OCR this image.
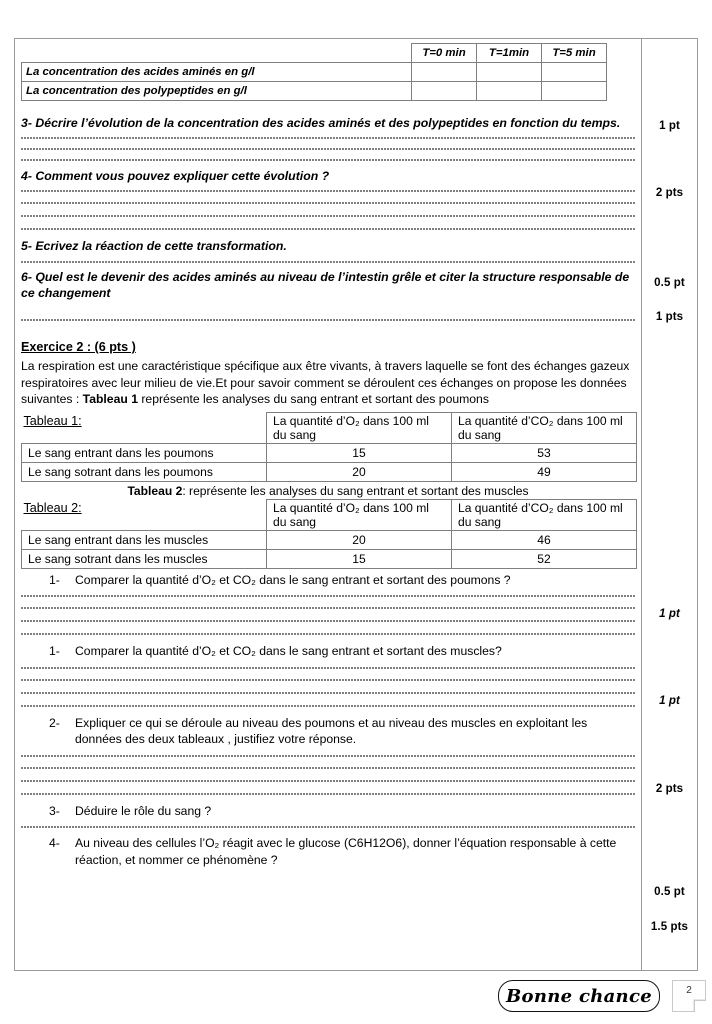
	T=0 min	T=1min	T=5 min
La concentration des acides aminés en g/l			
La concentration des polypeptides en g/l			
3- Décrire l’évolution de la concentration des acides aminés et des polypeptides en fonction du temps.
4- Comment vous pouvez expliquer cette évolution ?
5- Ecrivez la réaction de cette transformation.
6- Quel est le devenir des acides aminés au niveau de l’intestin grêle et citer la structure responsable de ce changement
Exercice 2 : (6 pts )
La respiration est une caractéristique spécifique aux être vivants, à travers laquelle se font des échanges gazeux respiratoires avec leur milieu de vie.Et pour savoir comment se déroulent ces échanges on propose les données suivantes : Tableau 1 représente les analyses du sang entrant et sortant des poumons
Tableau 1:	La quantité d’O₂ dans 100 ml du sang	La quantité d’CO₂ dans 100 ml du sang
Le sang entrant dans les poumons	15	53
Le sang sotrant dans les poumons	20	49
Tableau 2: représente les analyses du sang entrant et sortant des muscles
Tableau 2:	La quantité d’O₂ dans 100 ml du sang	La quantité d’CO₂ dans 100 ml du sang
Le sang entrant dans les muscles	20	46
Le sang sotrant dans les muscles	15	52
1-	Comparer la quantité d’O₂ et CO₂ dans le sang entrant et sortant des poumons ?
1-	Comparer la quantité d’O₂ et CO₂ dans le sang entrant et sortant des muscles?
2-	Expliquer ce qui se déroule au niveau des poumons et au niveau des muscles en exploitant les données des deux tableaux , justifiez votre réponse.
3-	Déduire le rôle du sang ?
4-	Au niveau des cellules l’O₂ réagit avec le glucose (C6H12O6), donner l’équation responsable à cette réaction, et nommer ce phénomène ?
1 pt
2 pts
0.5 pt
1 pts
1 pt
1 pt
2 pts
0.5 pt
1.5 pts
Bonne chance	2
